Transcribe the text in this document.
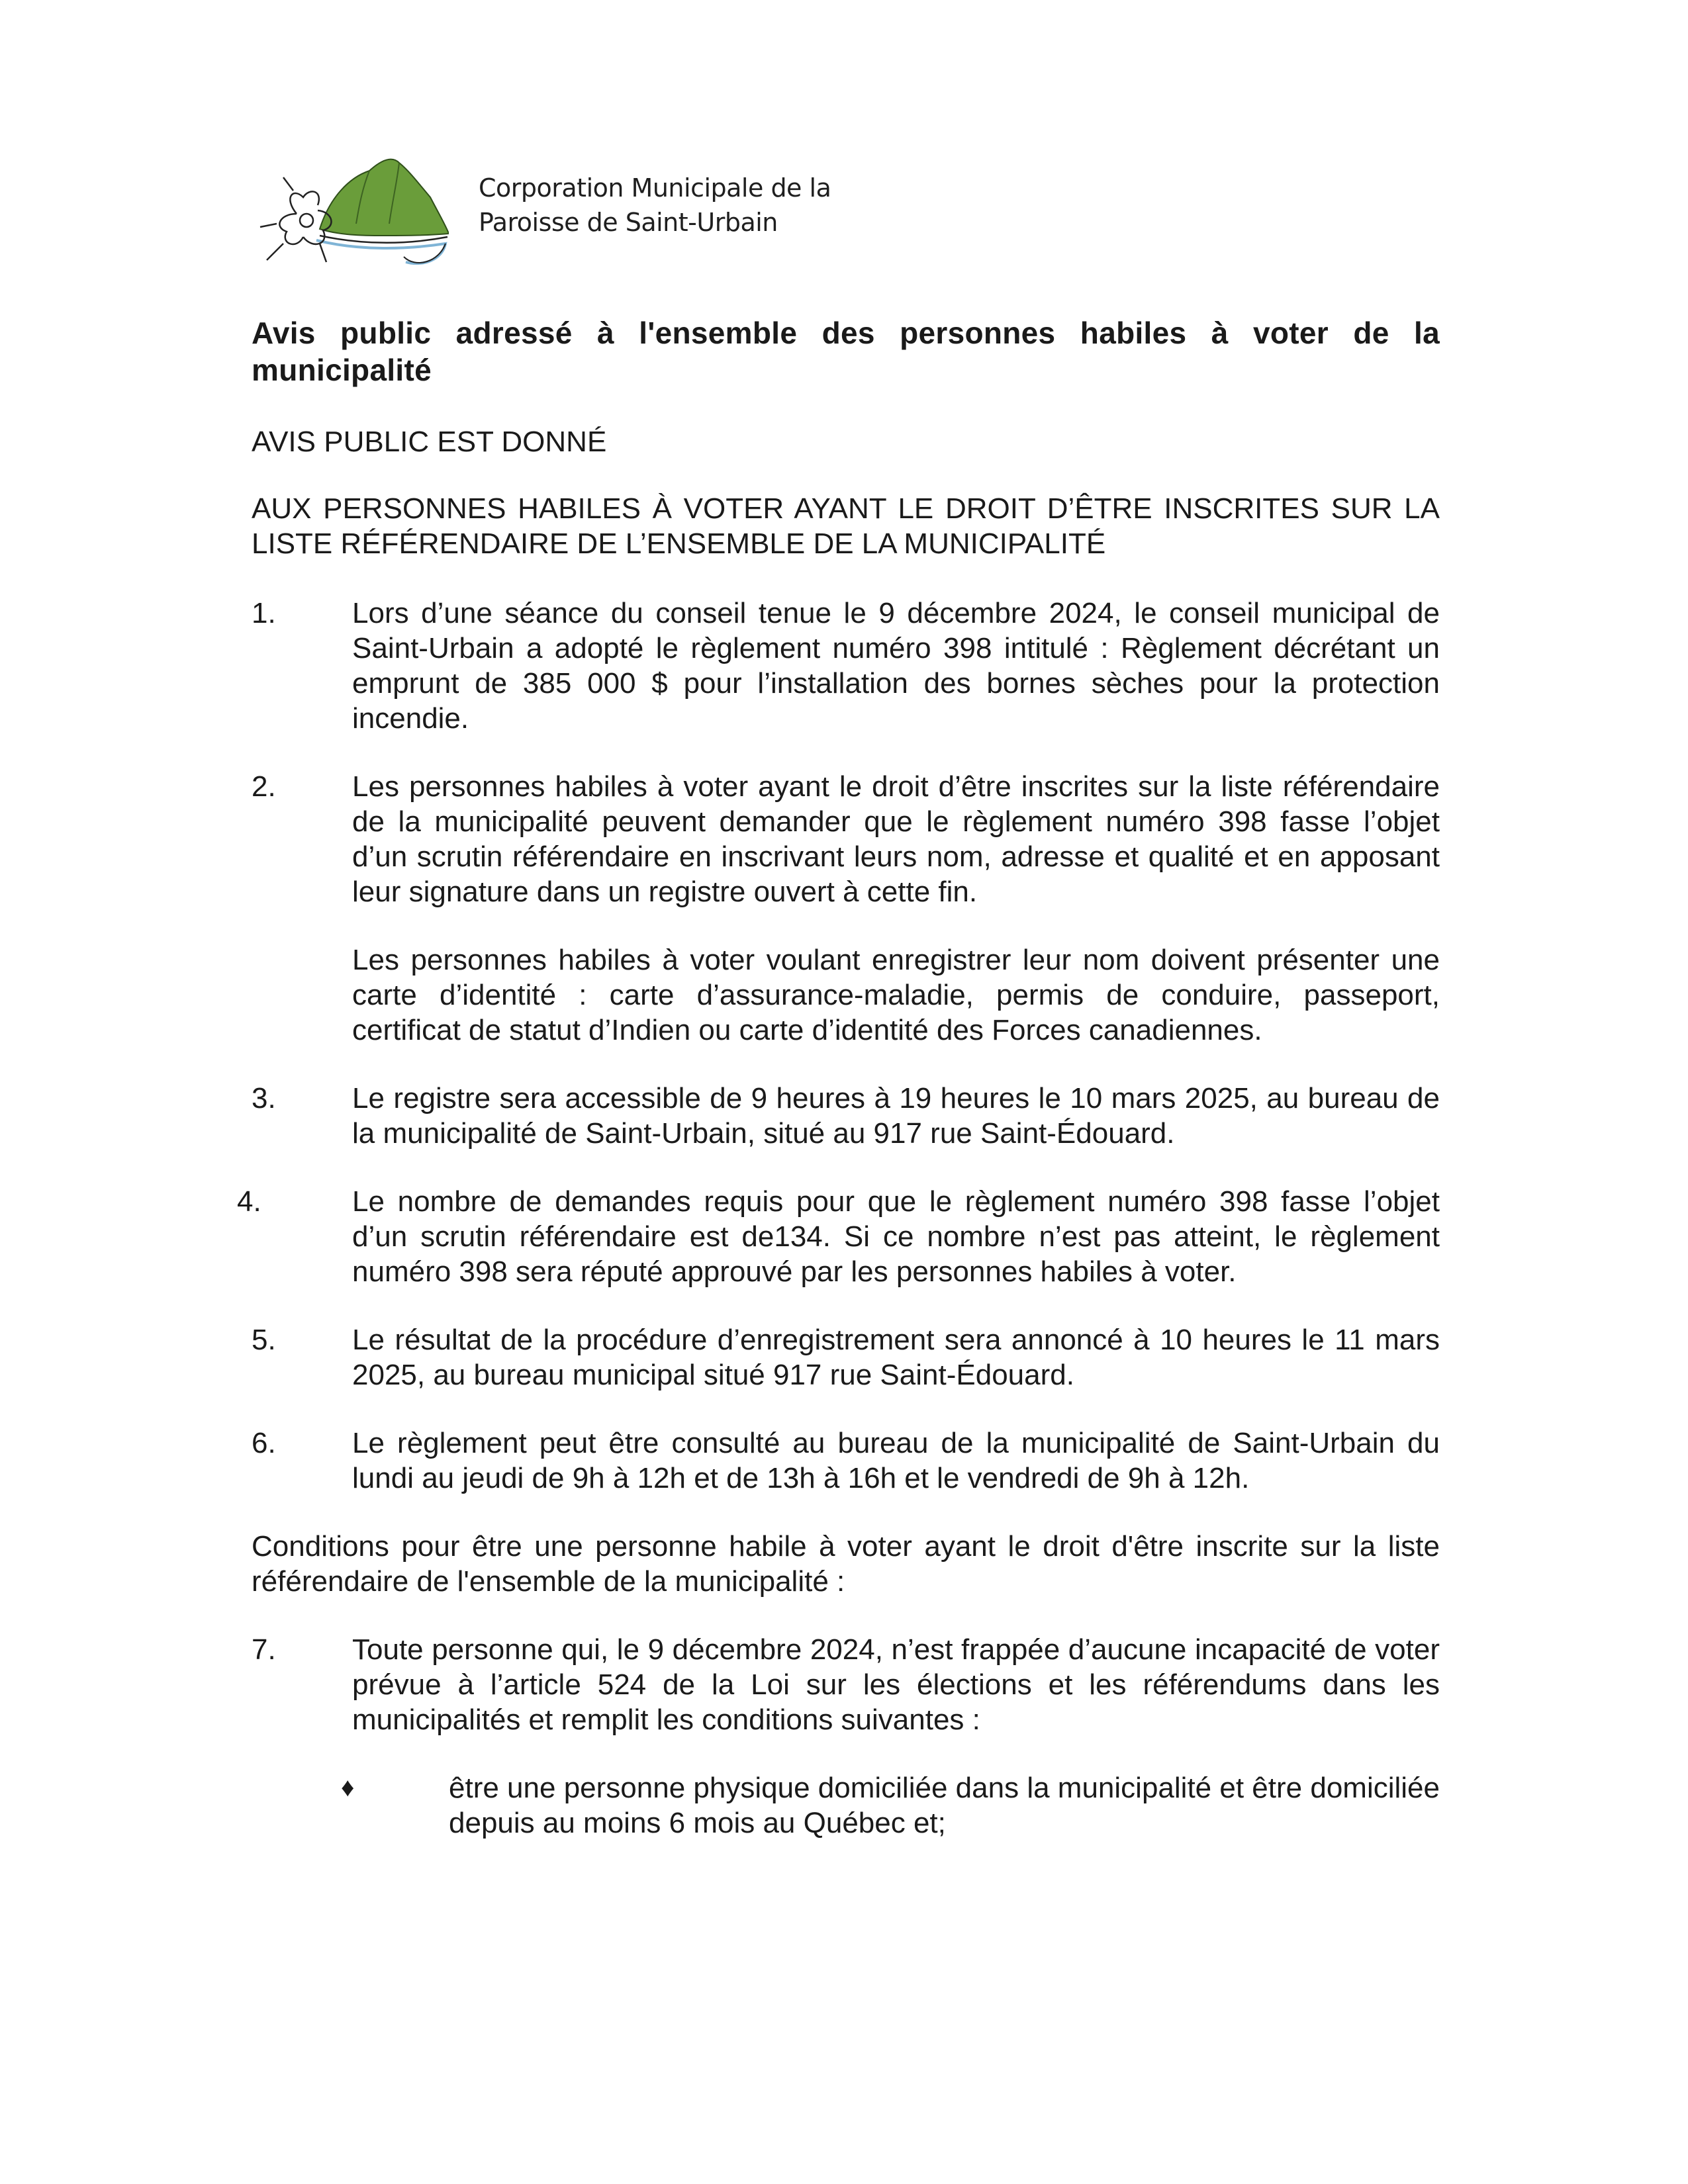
Corporation Municipale de la
Paroisse de Saint-Urbain
Avis public adressé à l'ensemble des personnes habiles à voter de la municipalité
AVIS PUBLIC EST DONNÉ
AUX PERSONNES HABILES À VOTER AYANT LE DROIT D’ÊTRE INSCRITES SUR LA LISTE RÉFÉRENDAIRE DE L’ENSEMBLE DE LA MUNICIPALITÉ
1.	Lors d’une séance du conseil tenue le 9 décembre 2024, le conseil municipal de Saint-Urbain a adopté le règlement numéro 398 intitulé : Règlement décrétant un emprunt de 385 000 $ pour l’installation des bornes sèches pour la protection incendie.

2.	Les personnes habiles à voter ayant le droit d’être inscrites sur la liste référendaire de la municipalité peuvent demander que le règlement numéro 398 fasse l’objet d’un scrutin référendaire en inscrivant leurs nom, adresse et qualité et en apposant leur signature dans un registre ouvert à cette fin.

Les personnes habiles à voter voulant enregistrer leur nom doivent présenter une carte d’identité : carte d’assurance-maladie, permis de conduire, passeport, certificat de statut d’Indien ou carte d’identité des Forces canadiennes.

3.	Le registre sera accessible de 9 heures à 19 heures le 10 mars 2025, au bureau de la municipalité de Saint-Urbain, situé au 917 rue Saint-Édouard.

4.	Le nombre de demandes requis pour que le règlement numéro 398 fasse l’objet d’un scrutin référendaire est de134. Si ce nombre n’est pas atteint, le règlement numéro 398 sera réputé approuvé par les personnes habiles à voter.

5.	Le résultat de la procédure d’enregistrement sera annoncé à 10 heures le 11 mars 2025, au bureau municipal situé 917 rue Saint-Édouard.

6.	Le règlement peut être consulté au bureau de la municipalité de Saint-Urbain du lundi au jeudi de 9h à 12h et de 13h à 16h et le vendredi de 9h à 12h.

Conditions pour être une personne habile à voter ayant le droit d'être inscrite sur la liste référendaire de l'ensemble de la municipalité :
7.	Toute personne qui, le 9 décembre 2024, n’est frappée d’aucune incapacité de voter prévue à l’article 524 de la Loi sur les élections et les référendums dans les municipalités et remplit les conditions suivantes :

♦	être une personne physique domiciliée dans la municipalité et être domiciliée depuis au moins 6 mois au Québec et;
